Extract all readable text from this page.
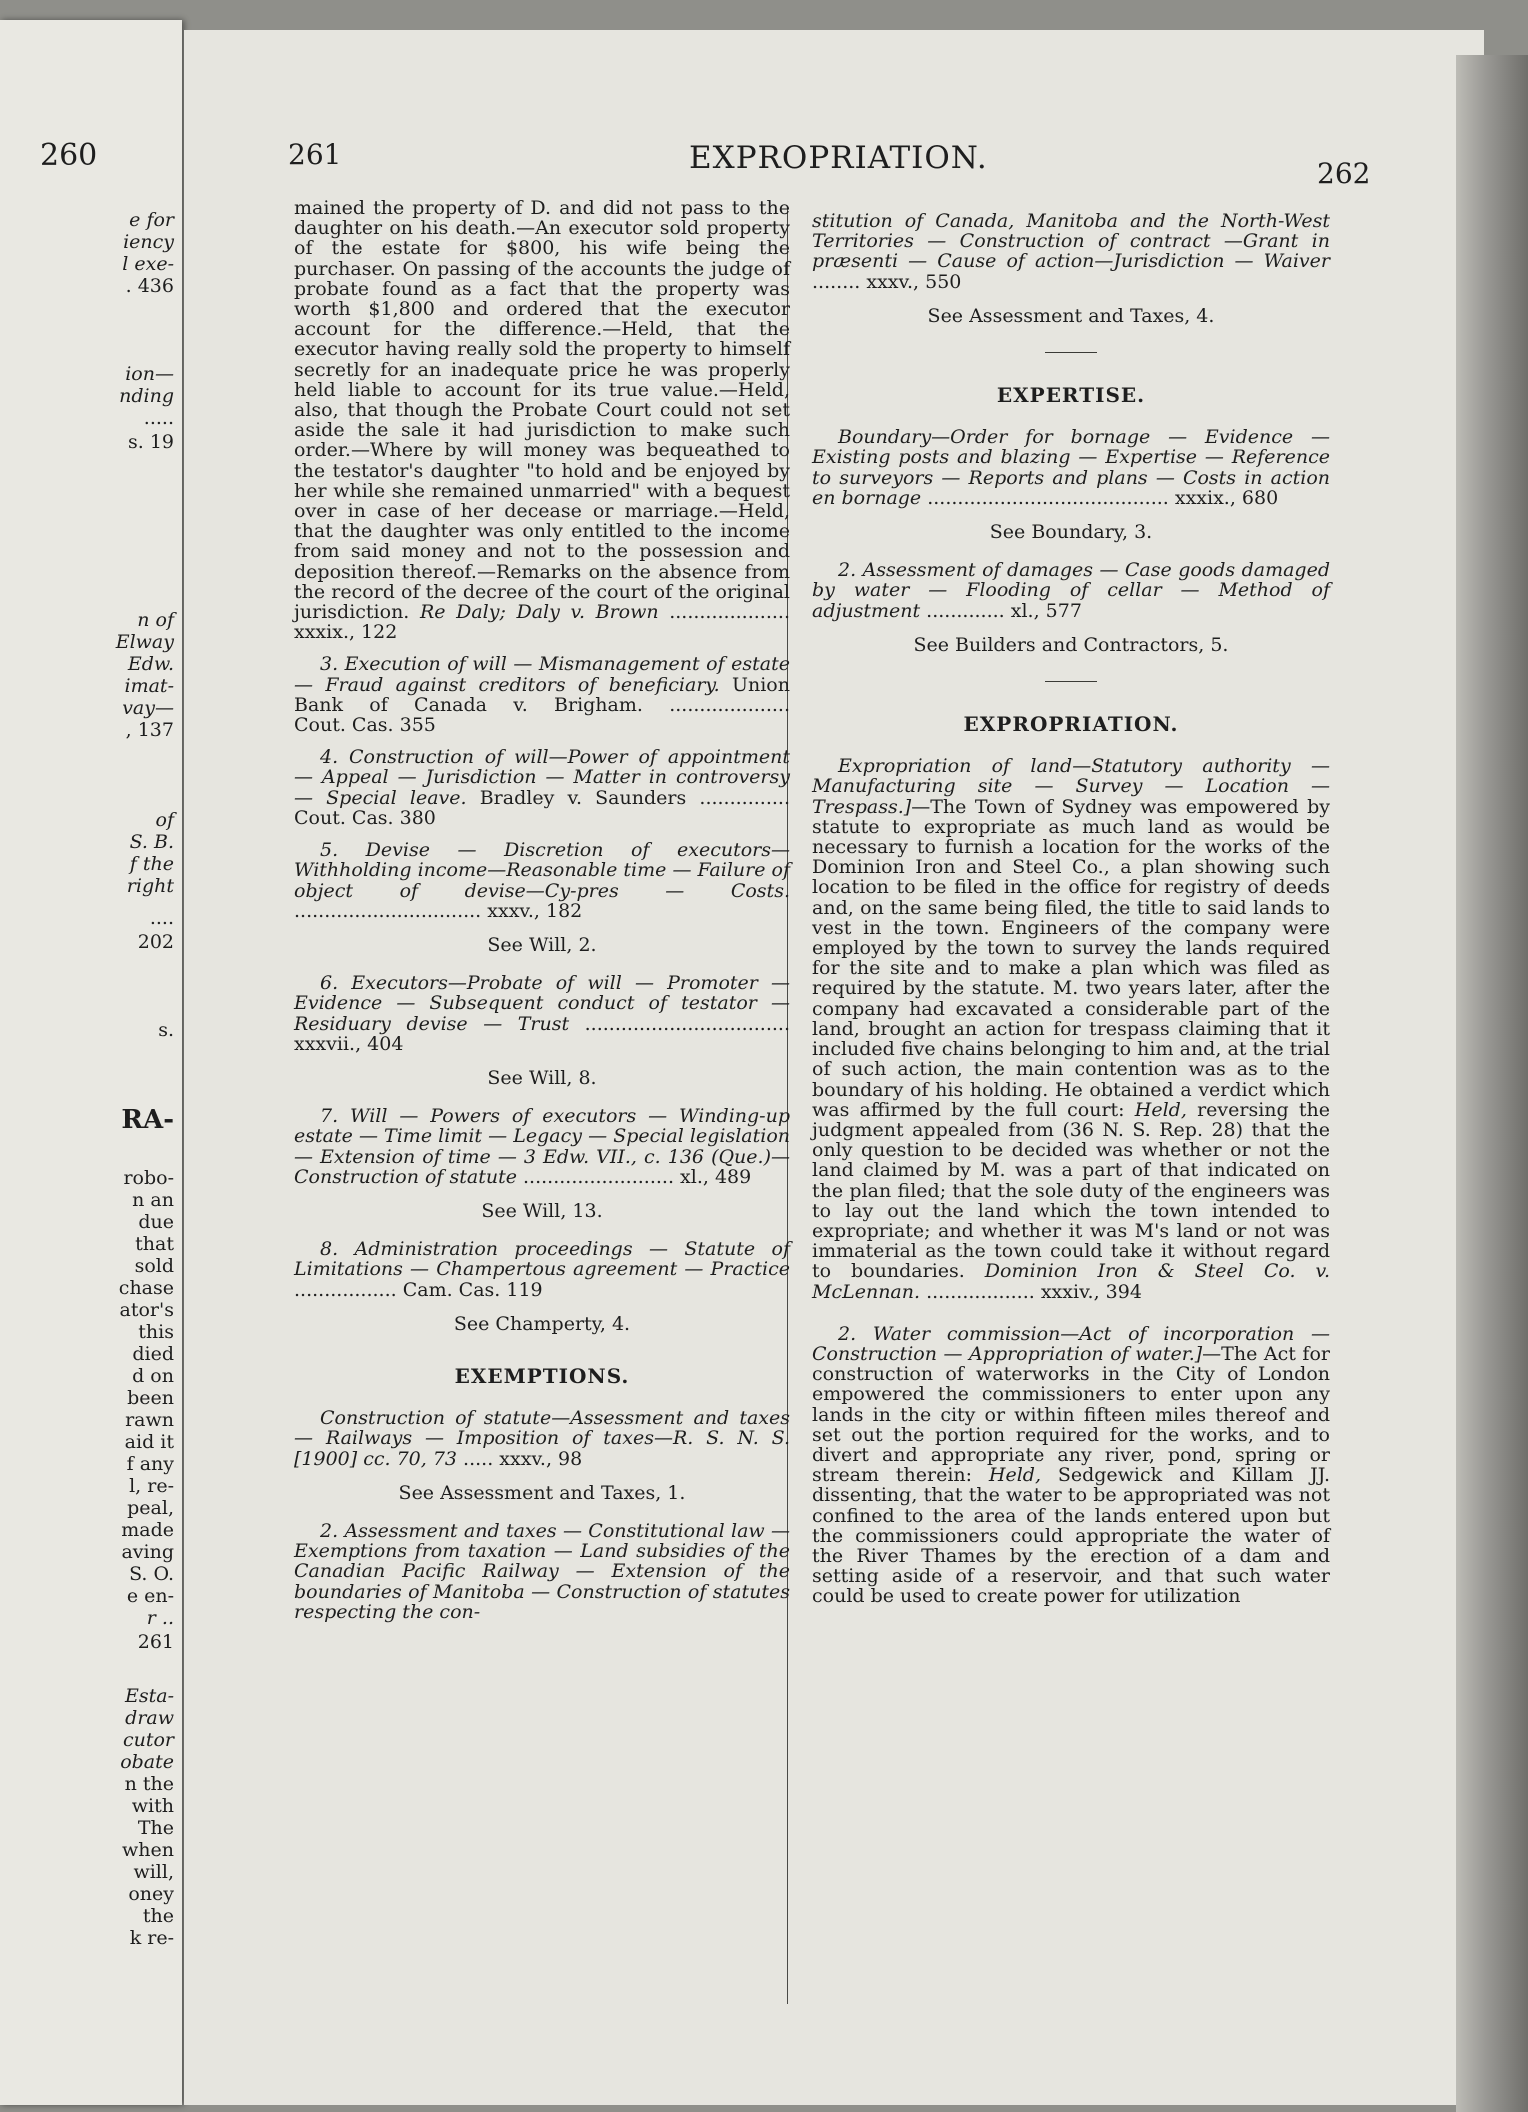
260
e for
iency
l exe-
. 436
ion—
nding
.....
s. 19
n of
Elway
Edw.
imat-
vay—
, 137
of
S. B.
f the
right
....
202
s.
RA-
robo-
n an
due
that
sold
chase
ator's
this
died
d on
been
rawn
aid it
f any
l, re-
peal,
made
aving
S. O.
e en-
r ..
261
Esta-
draw
cutor
obate
n the
with
The
when
will,
oney
the
k re-
261	EXPROPRIATION.	262

mained the property of D. and did not pass to the daughter on his death.—An executor sold property of the estate for $800, his wife being the purchaser. On passing of the accounts the judge of probate found as a fact that the property was worth $1,800 and ordered that the executor account for the difference.—Held, that the executor having really sold the property to himself secretly for an inadequate price he was properly held liable to account for its true value.—Held, also, that though the Probate Court could not set aside the sale it had jurisdiction to make such order.—Where by will money was bequeathed to the testator's daughter "to hold and be enjoyed by her while she remained unmarried" with a bequest over in case of her decease or marriage.—Held, that the daughter was only entitled to the income from said money and not to the possession and deposition thereof.—Remarks on the absence from the record of the decree of the court of the original jurisdiction. Re Daly; Daly v. Brown .................... xxxix., 122

3. Execution of will — Mismanagement of estate — Fraud against creditors of beneficiary. Union Bank of Canada v. Brigham. .................... Cout. Cas. 355

4. Construction of will—Power of appointment — Appeal — Jurisdiction — Matter in controversy — Special leave. Bradley v. Saunders ............... Cout. Cas. 380

5. Devise — Discretion of executors—Withholding income—Reasonable time — Failure of object of devise—Cy-pres — Costs. ............................... xxxv., 182

See Will, 2.

6. Executors—Probate of will — Promoter — Evidence — Subsequent conduct of testator — Residuary devise — Trust .................................. xxxvii., 404

See Will, 8.

7. Will — Powers of executors — Winding-up estate — Time limit — Legacy — Special legislation — Extension of time — 3 Edw. VII., c. 136 (Que.)—Construction of statute ......................... xl., 489

See Will, 13.

8. Administration proceedings — Statute of Limitations — Champertous agreement — Practice ................. Cam. Cas. 119

See Champerty, 4.
EXEMPTIONS.

Construction of statute—Assessment and taxes — Railways — Imposition of taxes—R. S. N. S. [1900] cc. 70, 73 ..... xxxv., 98

See Assessment and Taxes, 1.

2. Assessment and taxes — Constitutional law — Exemptions from taxation — Land subsidies of the Canadian Pacific Railway — Extension of the boundaries of Manitoba — Construction of statutes respecting the con-

stitution of Canada, Manitoba and the North-West Territories — Construction of contract —Grant in præsenti — Cause of action—Jurisdiction — Waiver ........ xxxv., 550

See Assessment and Taxes, 4.
EXPERTISE.

Boundary—Order for bornage — Evidence — Existing posts and blazing — Expertise — Reference to surveyors — Reports and plans — Costs in action en bornage ........................................ xxxix., 680

See Boundary, 3.

2. Assessment of damages — Case goods damaged by water — Flooding of cellar — Method of adjustment ............. xl., 577

See Builders and Contractors, 5.
EXPROPRIATION.

Expropriation of land—Statutory authority — Manufacturing site — Survey — Location — Trespass.]—The Town of Sydney was empowered by statute to expropriate as much land as would be necessary to furnish a location for the works of the Dominion Iron and Steel Co., a plan showing such location to be filed in the office for registry of deeds and, on the same being filed, the title to said lands to vest in the town. Engineers of the company were employed by the town to survey the lands required for the site and to make a plan which was filed as required by the statute. M. two years later, after the company had excavated a considerable part of the land, brought an action for trespass claiming that it included five chains belonging to him and, at the trial of such action, the main contention was as to the boundary of his holding. He obtained a verdict which was affirmed by the full court: Held, reversing the judgment appealed from (36 N. S. Rep. 28) that the only question to be decided was whether or not the land claimed by M. was a part of that indicated on the plan filed; that the sole duty of the engineers was to lay out the land which the town intended to expropriate; and whether it was M's land or not was immaterial as the town could take it without regard to boundaries. Dominion Iron & Steel Co. v. McLennan. .................. xxxiv., 394

2. Water commission—Act of incorporation — Construction — Appropriation of water.]—The Act for construction of waterworks in the City of London empowered the commissioners to enter upon any lands in the city or within fifteen miles thereof and set out the portion required for the works, and to divert and appropriate any river, pond, spring or stream therein: Held, Sedgewick and Killam JJ. dissenting, that the water to be appropriated was not confined to the area of the lands entered upon but the commissioners could appropriate the water of the River Thames by the erection of a dam and setting aside of a reservoir, and that such water could be used to create power for utilization
